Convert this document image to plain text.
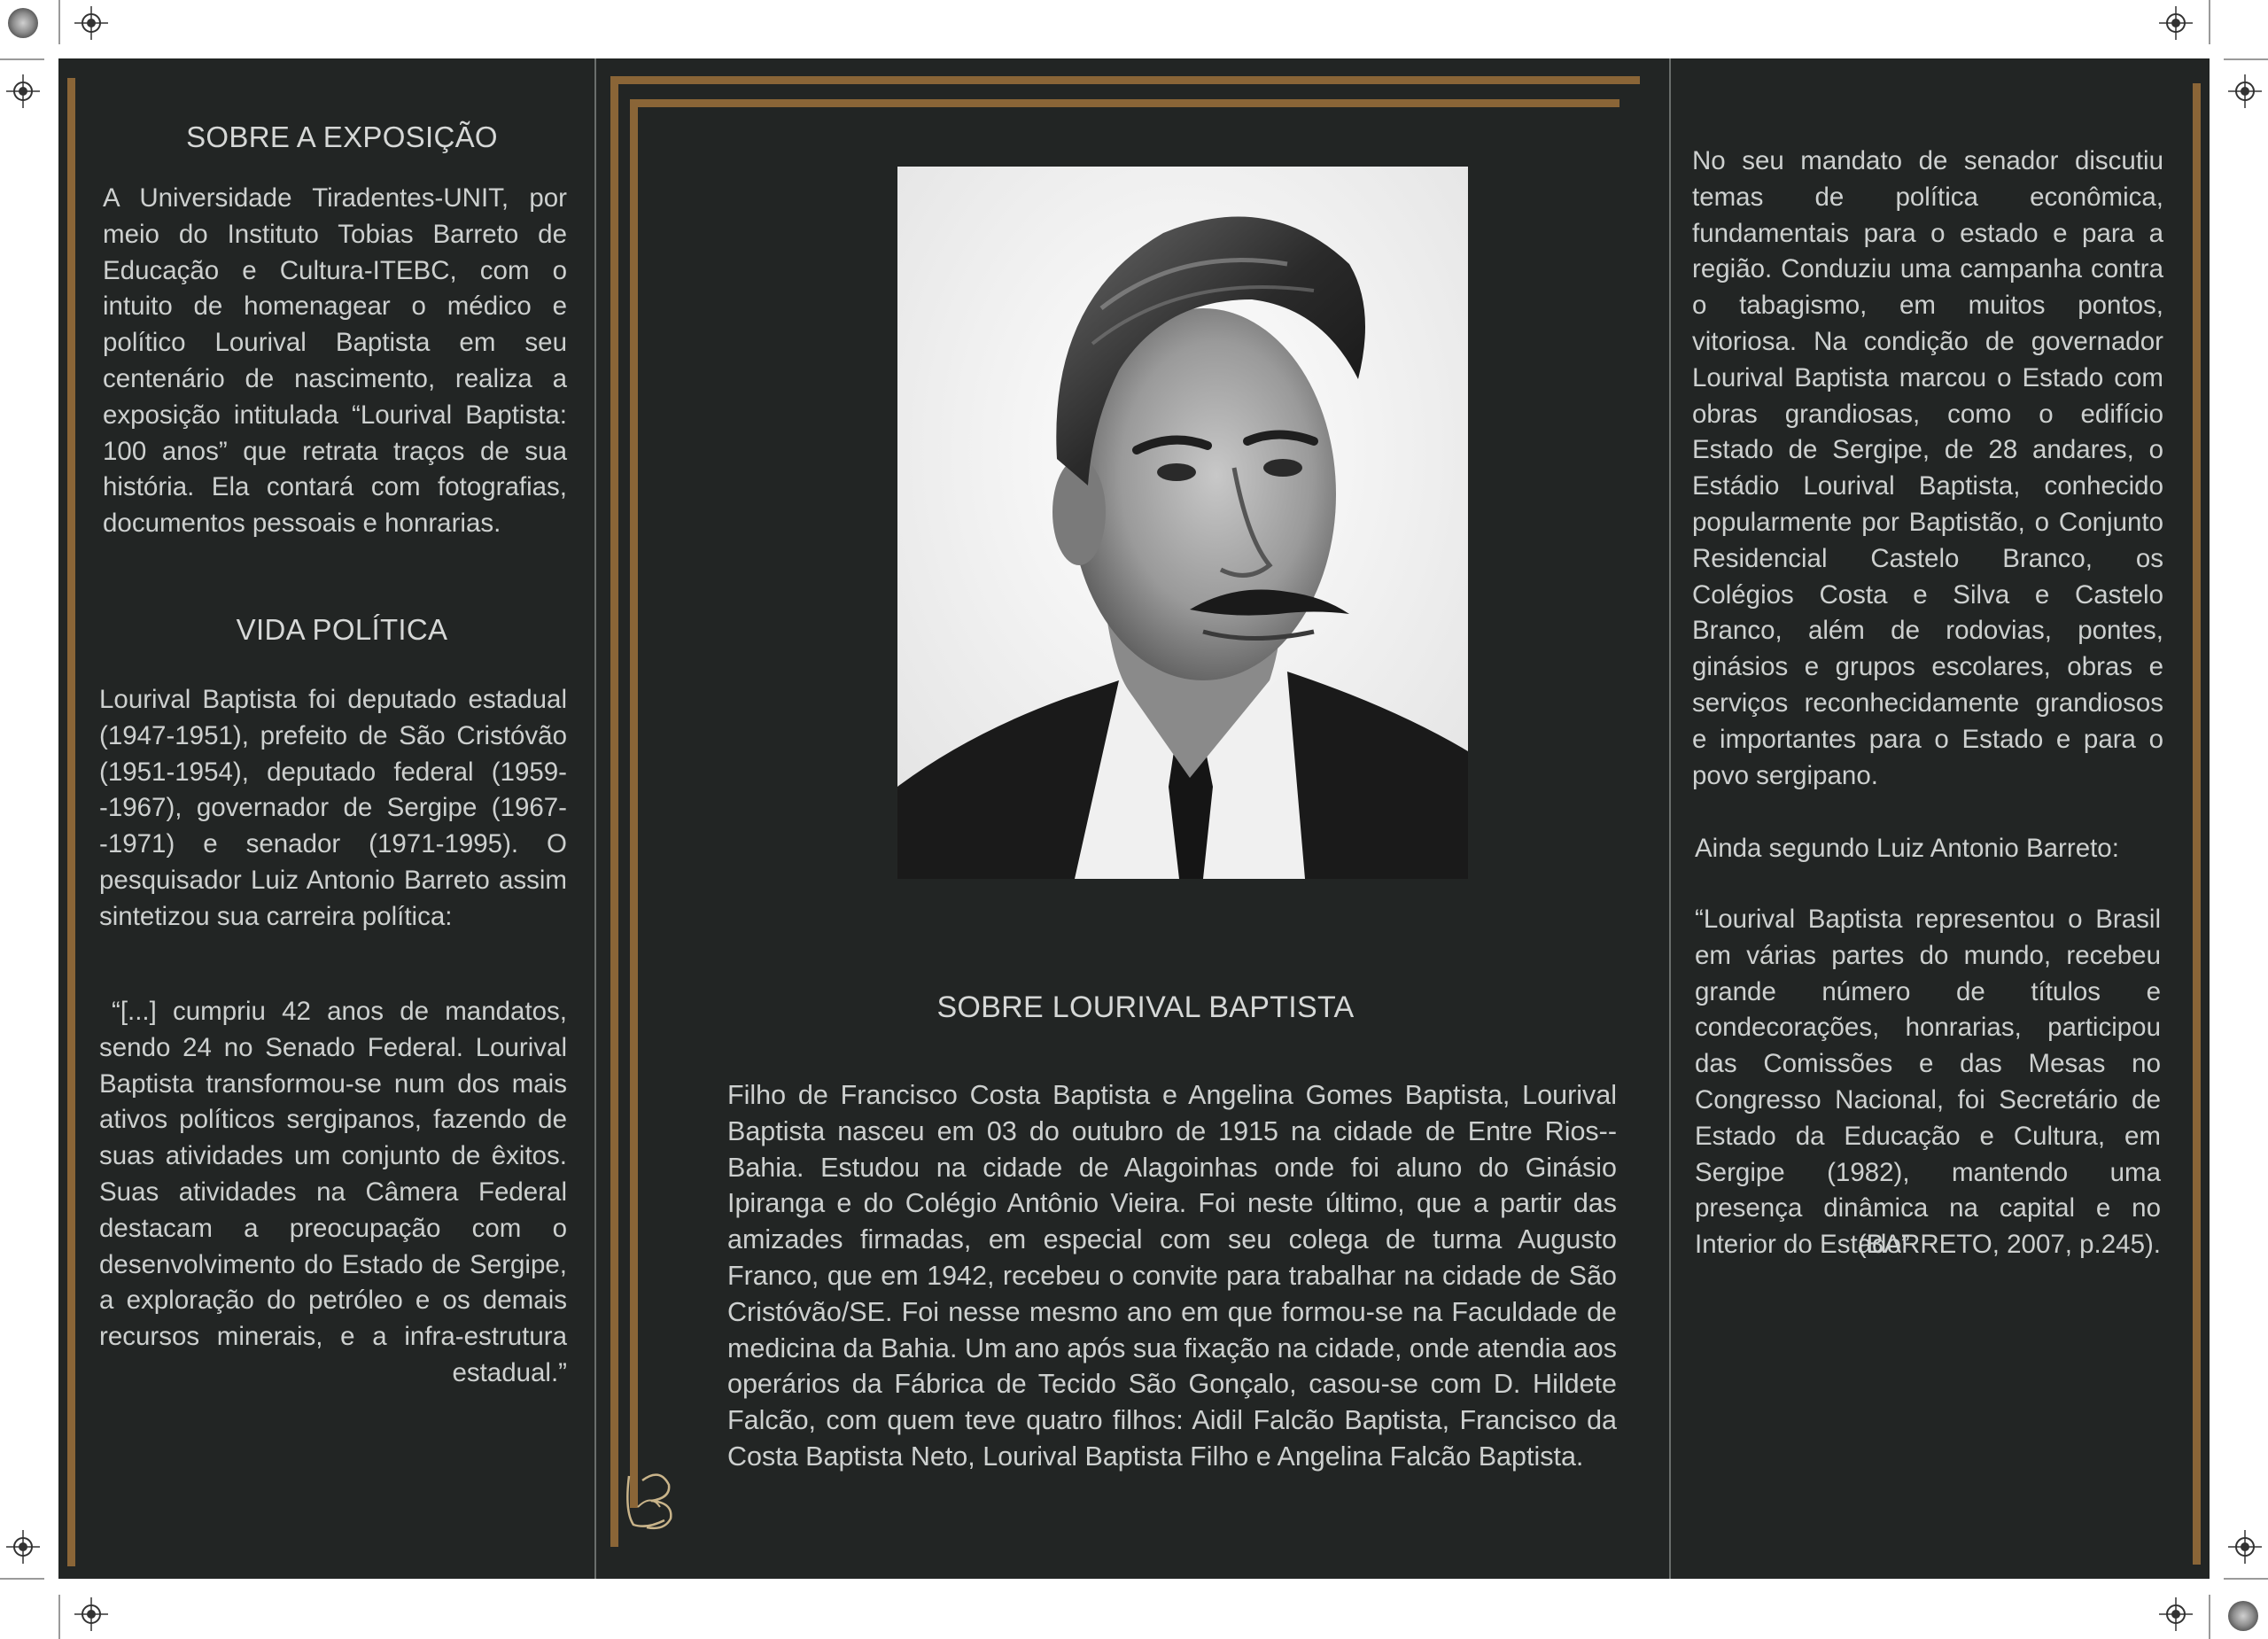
SOBRE A EXPOSIÇÃO
A Universidade Tiradentes-UNIT, por meio do Instituto Tobias Barreto de Educação e Cultura-ITEBC, com o intuito de homenagear o médico e político Lourival Baptista em seu centenário de nascimento, realiza a exposição intitulada “Lourival Baptista: 100 anos” que retrata traços de sua história. Ela contará com fotografias, documentos pessoais e honrarias.
VIDA POLÍTICA
Lourival Baptista foi deputado estadual (1947-1951), prefeito de São Cristóvão (1951-1954), deputado federal (1959--1967), governador de Sergipe (1967--1971) e senador (1971-1995). O pesquisador Luiz Antonio Barreto assim sintetizou sua carreira política:
“[...] cumpriu 42 anos de mandatos, sendo 24 no Senado Federal. Lourival Baptista transformou-se num dos mais ativos políticos sergipanos, fazendo de suas atividades um conjunto de êxitos. Suas atividades na Câmera Federal destacam a preocupação com o desenvolvimento do Estado de Sergipe, a exploração do petróleo e os demais recursos minerais, e a infra-estrutura estadual.”
SOBRE LOURIVAL BAPTISTA
Filho de Francisco Costa Baptista e Angelina Gomes Baptista, Lourival Baptista nasceu em 03 do outubro de 1915 na cidade de Entre Rios--Bahia. Estudou na cidade de Alagoinhas onde foi aluno do Ginásio Ipiranga e do Colégio Antônio Vieira. Foi neste último, que a partir das amizades firmadas, em especial com seu colega de turma Augusto Franco, que em 1942, recebeu o convite para trabalhar na cidade de São Cristóvão/SE. Foi nesse mesmo ano em que formou-se na Faculdade de medicina da Bahia. Um ano após sua fixação na cidade, onde atendia aos operários da Fábrica de Tecido São Gonçalo, casou-se com D. Hildete Falcão, com quem teve quatro filhos: Aidil Falcão Baptista, Francisco da Costa Baptista Neto, Lourival Baptista Filho e Angelina Falcão Baptista.
No seu mandato de senador discutiu temas de política econômica, fundamentais para o estado e para a região. Conduziu uma campanha contra o tabagismo, em muitos pontos, vitoriosa. Na condição de governador Lourival Baptista marcou o Estado com obras grandiosas, como o edifício Estado de Sergipe, de 28 andares, o Estádio Lourival Baptista, conhecido popularmente por Baptistão, o Conjunto Residencial Castelo Branco, os Colégios Costa e Silva e Castelo Branco, além de rodovias, pontes, ginásios e grupos escolares, obras e serviços reconhecidamente grandiosos e importantes para o Estado e para o povo sergipano.
Ainda segundo Luiz Antonio Barreto:
“Lourival Baptista representou o Brasil em várias partes do mundo, recebeu grande número de títulos e condecorações, honrarias, participou das Comissões e das Mesas no Congresso Nacional, foi Secretário de Estado da Educação e Cultura, em Sergipe (1982), mantendo uma presença dinâmica na capital e no Interior do Estado”
(BARRETO, 2007, p.245).
